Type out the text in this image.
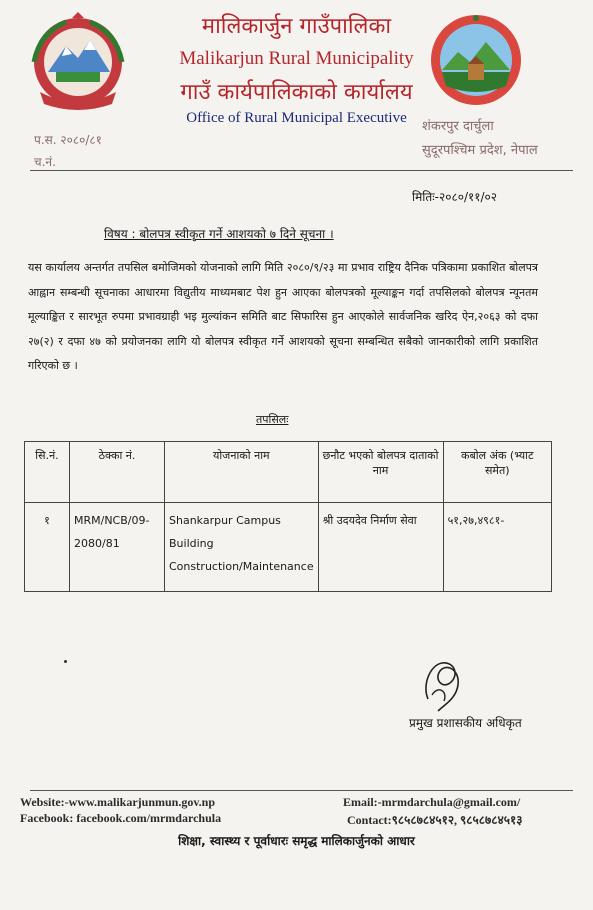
मालिकार्जुन गाउँपालिका
Malikarjun Rural Municipality
गाउँ कार्यपालिकाको कार्यालय
Office of Rural Municipal Executive
प.स. २०८०/८१
च.नं.
शंकरपुर दार्चुला
सुदूरपश्चिम प्रदेश, नेपाल
मितिः-२०८०/११/०२
विषय : बोलपत्र स्वीकृत गर्ने आशयको ७ दिने सूचना ।
यस कार्यालय अन्तर्गत तपसिल बमोजिमको योजनाको लागि मिति २०८०/९/२३ मा प्रभाव राष्ट्रिय दैनिक पत्रिकामा प्रकाशित बोलपत्र आह्वान सम्बन्धी सूचनाका आधारमा विद्युतीय माध्यमबाट पेश हुन आएका बोलपत्रको मूल्याङ्कन गर्दा तपसिलको बोलपत्र न्यूनतम मूल्याङ्कित र सारभूत रुपमा प्रभावग्राही भइ मुल्यांकन समिति बाट सिफारिस हुन आएकोले सार्वजनिक खरिद ऐन,२०६३ को दफा २७(२) र दफा ४७ को प्रयोजनका लागि यो बोलपत्र स्वीकृत गर्ने आशयको सूचना सम्बन्धित सबैको जानकारीको लागि प्रकाशित गरिएको छ ।
तपसिलः
सि.नं.	ठेक्का नं.	योजनाको नाम	छनौट भएको बोलपत्र दाताको नाम	कबोल अंक (भ्याट समेत)
१	MRM/NCB/09-2080/81	Shankarpur Campus Building Construction/Maintenance	श्री उदयदेव निर्माण सेवा	५१,२७,४९८१-
प्रमुख प्रशासकीय अधिकृत
Website:-www.malikarjunmun.gov.np
Facebook: facebook.com/mrmdarchula
Email:-mrmdarchula@gmail.com/
Contact:९८५८७८४५१२, ९८५८७८४५१३
शिक्षा, स्वास्थ्य र पूर्वाधारः समृद्ध मालिकार्जुनको आधार
